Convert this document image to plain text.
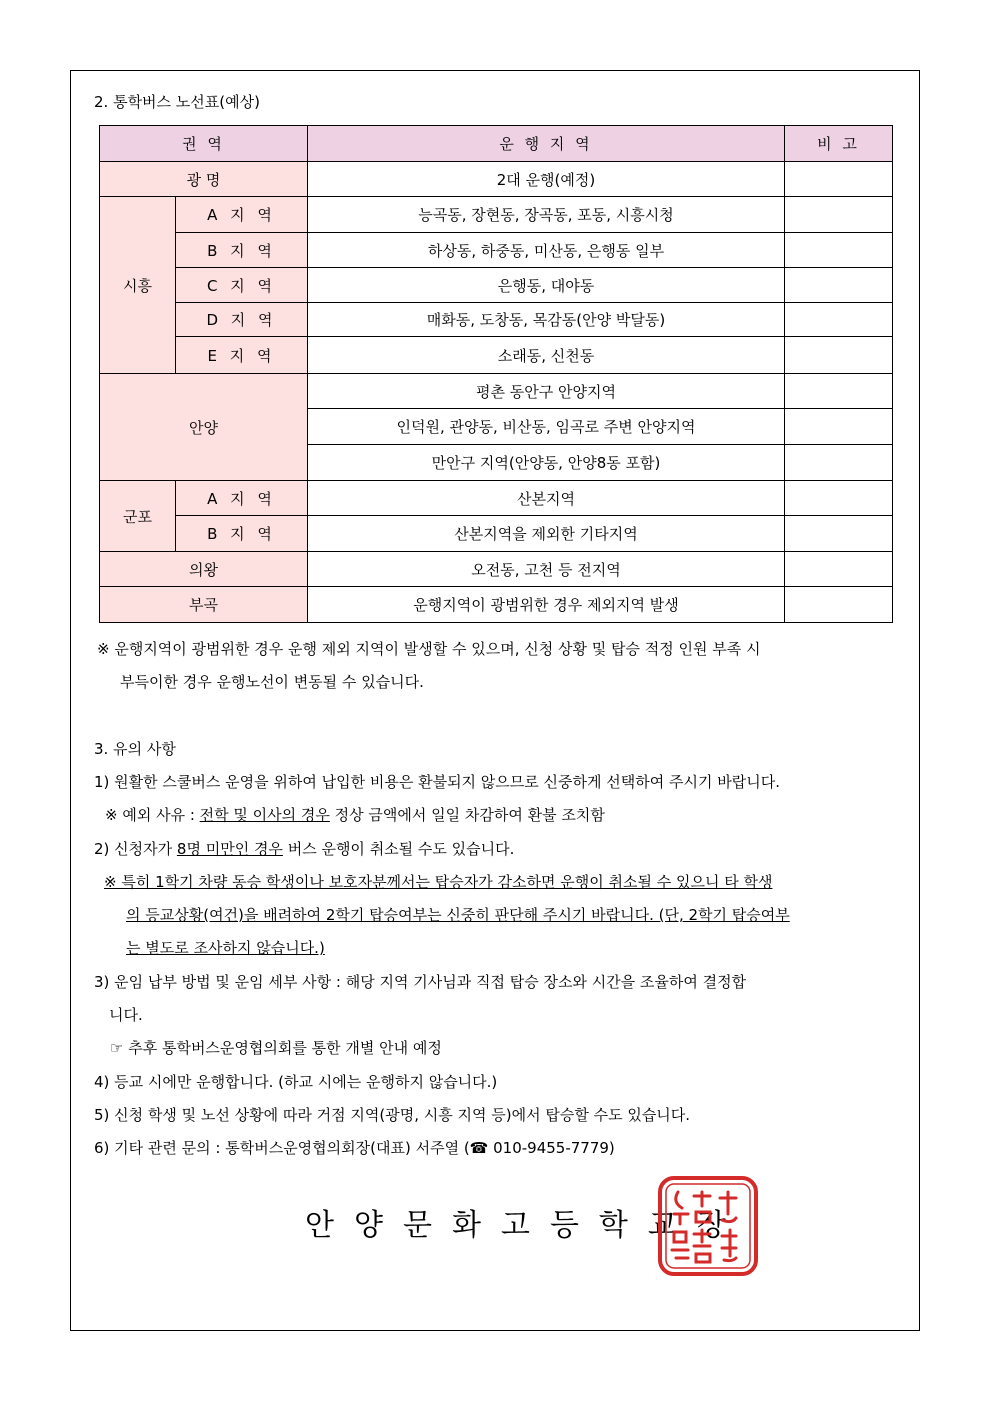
2. 통학버스 노선표(예상)
권 역		운 행 지 역	비 고
광 명		2대 운행(예정)	
시흥	A 지 역	능곡동, 장현동, 장곡동, 포동, 시흥시청	
	B 지 역	하상동, 하중동, 미산동, 은행동 일부	
	C 지 역	은행동, 대야동	
	D 지 역	매화동, 도창동, 목감동(안양 박달동)	
	E 지 역	소래동, 신천동	
안양		평촌 동안구 안양지역	
		인덕원, 관양동, 비산동, 임곡로 주변 안양지역	
		만안구 지역(안양동, 안양8동 포함)	
군포	A 지 역	산본지역	
	B 지 역	산본지역을 제외한 기타지역	
의왕		오전동, 고천 등 전지역	
부곡		운행지역이 광범위한 경우 제외지역 발생	
※ 운행지역이 광범위한 경우 운행 제외 지역이 발생할 수 있으며, 신청 상황 및 탑승 적정 인원 부족 시
부득이한 경우 운행노선이 변동될 수 있습니다.
3. 유의 사항
1) 원활한 스쿨버스 운영을 위하여 납입한 비용은 환불되지 않으므로 신중하게 선택하여 주시기 바랍니다.
※ 예외 사유 : 전학 및 이사의 경우 정상 금액에서 일일 차감하여 환불 조치함
2) 신청자가 8명 미만인 경우 버스 운행이 취소될 수도 있습니다.
※ 특히 1학기 차량 동승 학생이나 보호자분께서는 탑승자가 감소하면 운행이 취소될 수 있으니 타 학생
의 등교상황(여건)을 배려하여 2학기 탑승여부는 신중히 판단해 주시기 바랍니다. (단, 2학기 탑승여부
는 별도로 조사하지 않습니다.)
3) 운임 납부 방법 및 운임 세부 사항 : 해당 지역 기사님과 직접 탑승 장소와 시간을 조율하여 결정합
니다.
☞ 추후 통학버스운영협의회를 통한 개별 안내 예정
4) 등교 시에만 운행합니다. (하교 시에는 운행하지 않습니다.)
5) 신청 학생 및 노선 상황에 따라 거점 지역(광명, 시흥 지역 등)에서 탑승할 수도 있습니다.
6) 기타 관련 문의 : 통학버스운영협의회장(대표) 서주열 (☎ 010-9455-7779)
안양문화고등학교장
